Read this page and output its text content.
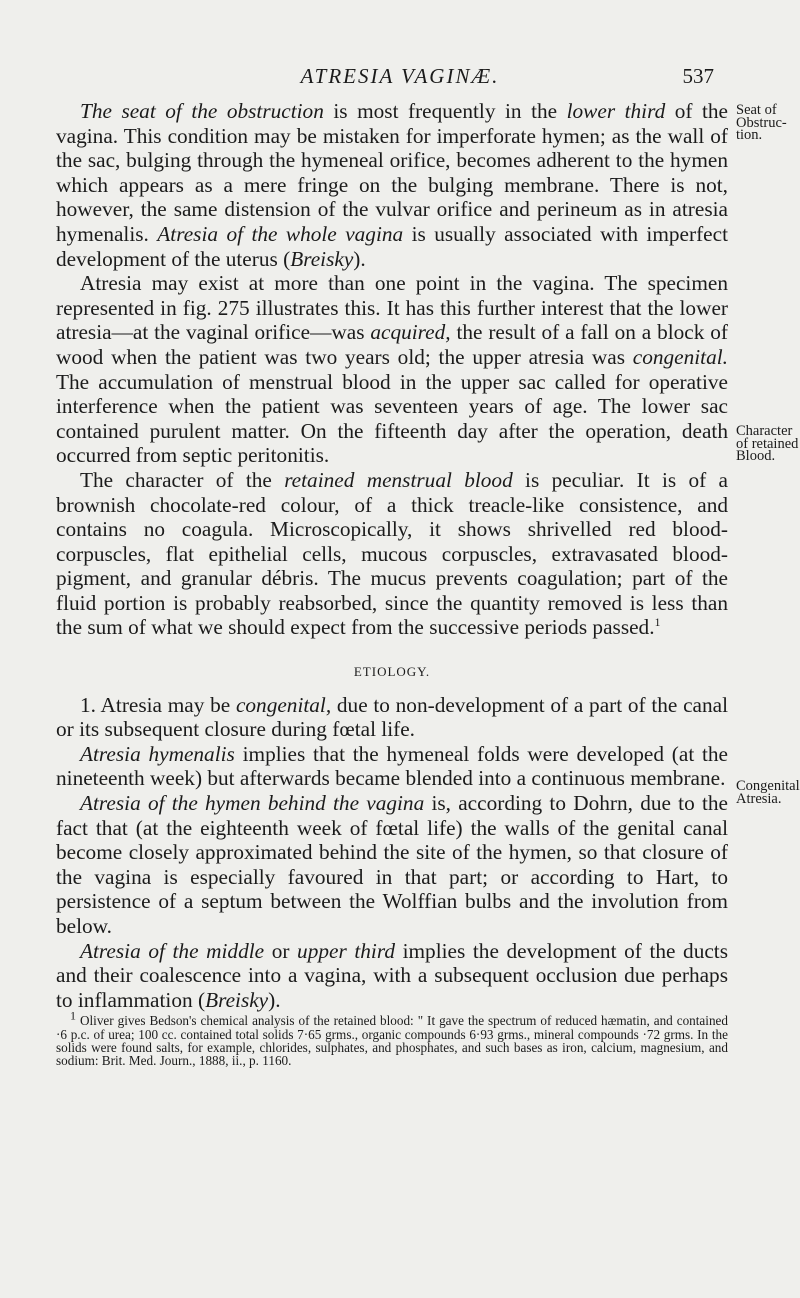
ATRESIA VAGINÆ.	537
Seat of Obstruc- tion.
Character of retained Blood.
Congenital Atresia.

The seat of the obstruction is most frequently in the lower third of the vagina. This condition may be mistaken for imperforate hymen; as the wall of the sac, bulging through the hymeneal orifice, becomes adherent to the hymen which appears as a mere fringe on the bulging membrane. There is not, however, the same distension of the vulvar orifice and perineum as in atresia hymenalis. Atresia of the whole vagina is usually associated with imperfect development of the uterus (Breisky).

Atresia may exist at more than one point in the vagina. The specimen represented in fig. 275 illustrates this. It has this further interest that the lower atresia—at the vaginal orifice—was acquired, the result of a fall on a block of wood when the patient was two years old; the upper atresia was congenital. The accumulation of menstrual blood in the upper sac called for operative interference when the patient was seventeen years of age. The lower sac contained purulent matter. On the fifteenth day after the operation, death occurred from septic peritonitis.

The character of the retained menstrual blood is peculiar. It is of a brownish chocolate-red colour, of a thick treacle-like consistence, and contains no coagula. Microscopically, it shows shrivelled red blood-corpuscles, flat epithelial cells, mucous corpuscles, extravasated blood-pigment, and granular débris. The mucus prevents coagulation; part of the fluid portion is probably reabsorbed, since the quantity removed is less than the sum of what we should expect from the successive periods passed.$^1$

ETIOLOGY.

1. Atresia may be congenital, due to non-development of a part of the canal or its subsequent closure during fœtal life.

Atresia hymenalis implies that the hymeneal folds were developed (at the nineteenth week) but afterwards became blended into a continuous membrane.

Atresia of the hymen behind the vagina is, according to Dohrn, due to the fact that (at the eighteenth week of fœtal life) the walls of the genital canal become closely approximated behind the site of the hymen, so that closure of the vagina is especially favoured in that part; or according to Hart, to persistence of a septum between the Wolffian bulbs and the involution from below.

Atresia of the middle or upper third implies the development of the ducts and their coalescence into a vagina, with a subsequent occlusion due perhaps to inflammation (Breisky).

$^1$ Oliver gives Bedson's chemical analysis of the retained blood: " It gave the spectrum of reduced hæmatin, and contained ·6 p.c. of urea; 100 cc. contained total solids 7·65 grms., organic compounds 6·93 grms., mineral compounds ·72 grms. In the solids were found salts, for example, chlorides, sulphates, and phosphates, and such bases as iron, calcium, magnesium, and sodium: Brit. Med. Journ., 1888, ii., p. 1160.
